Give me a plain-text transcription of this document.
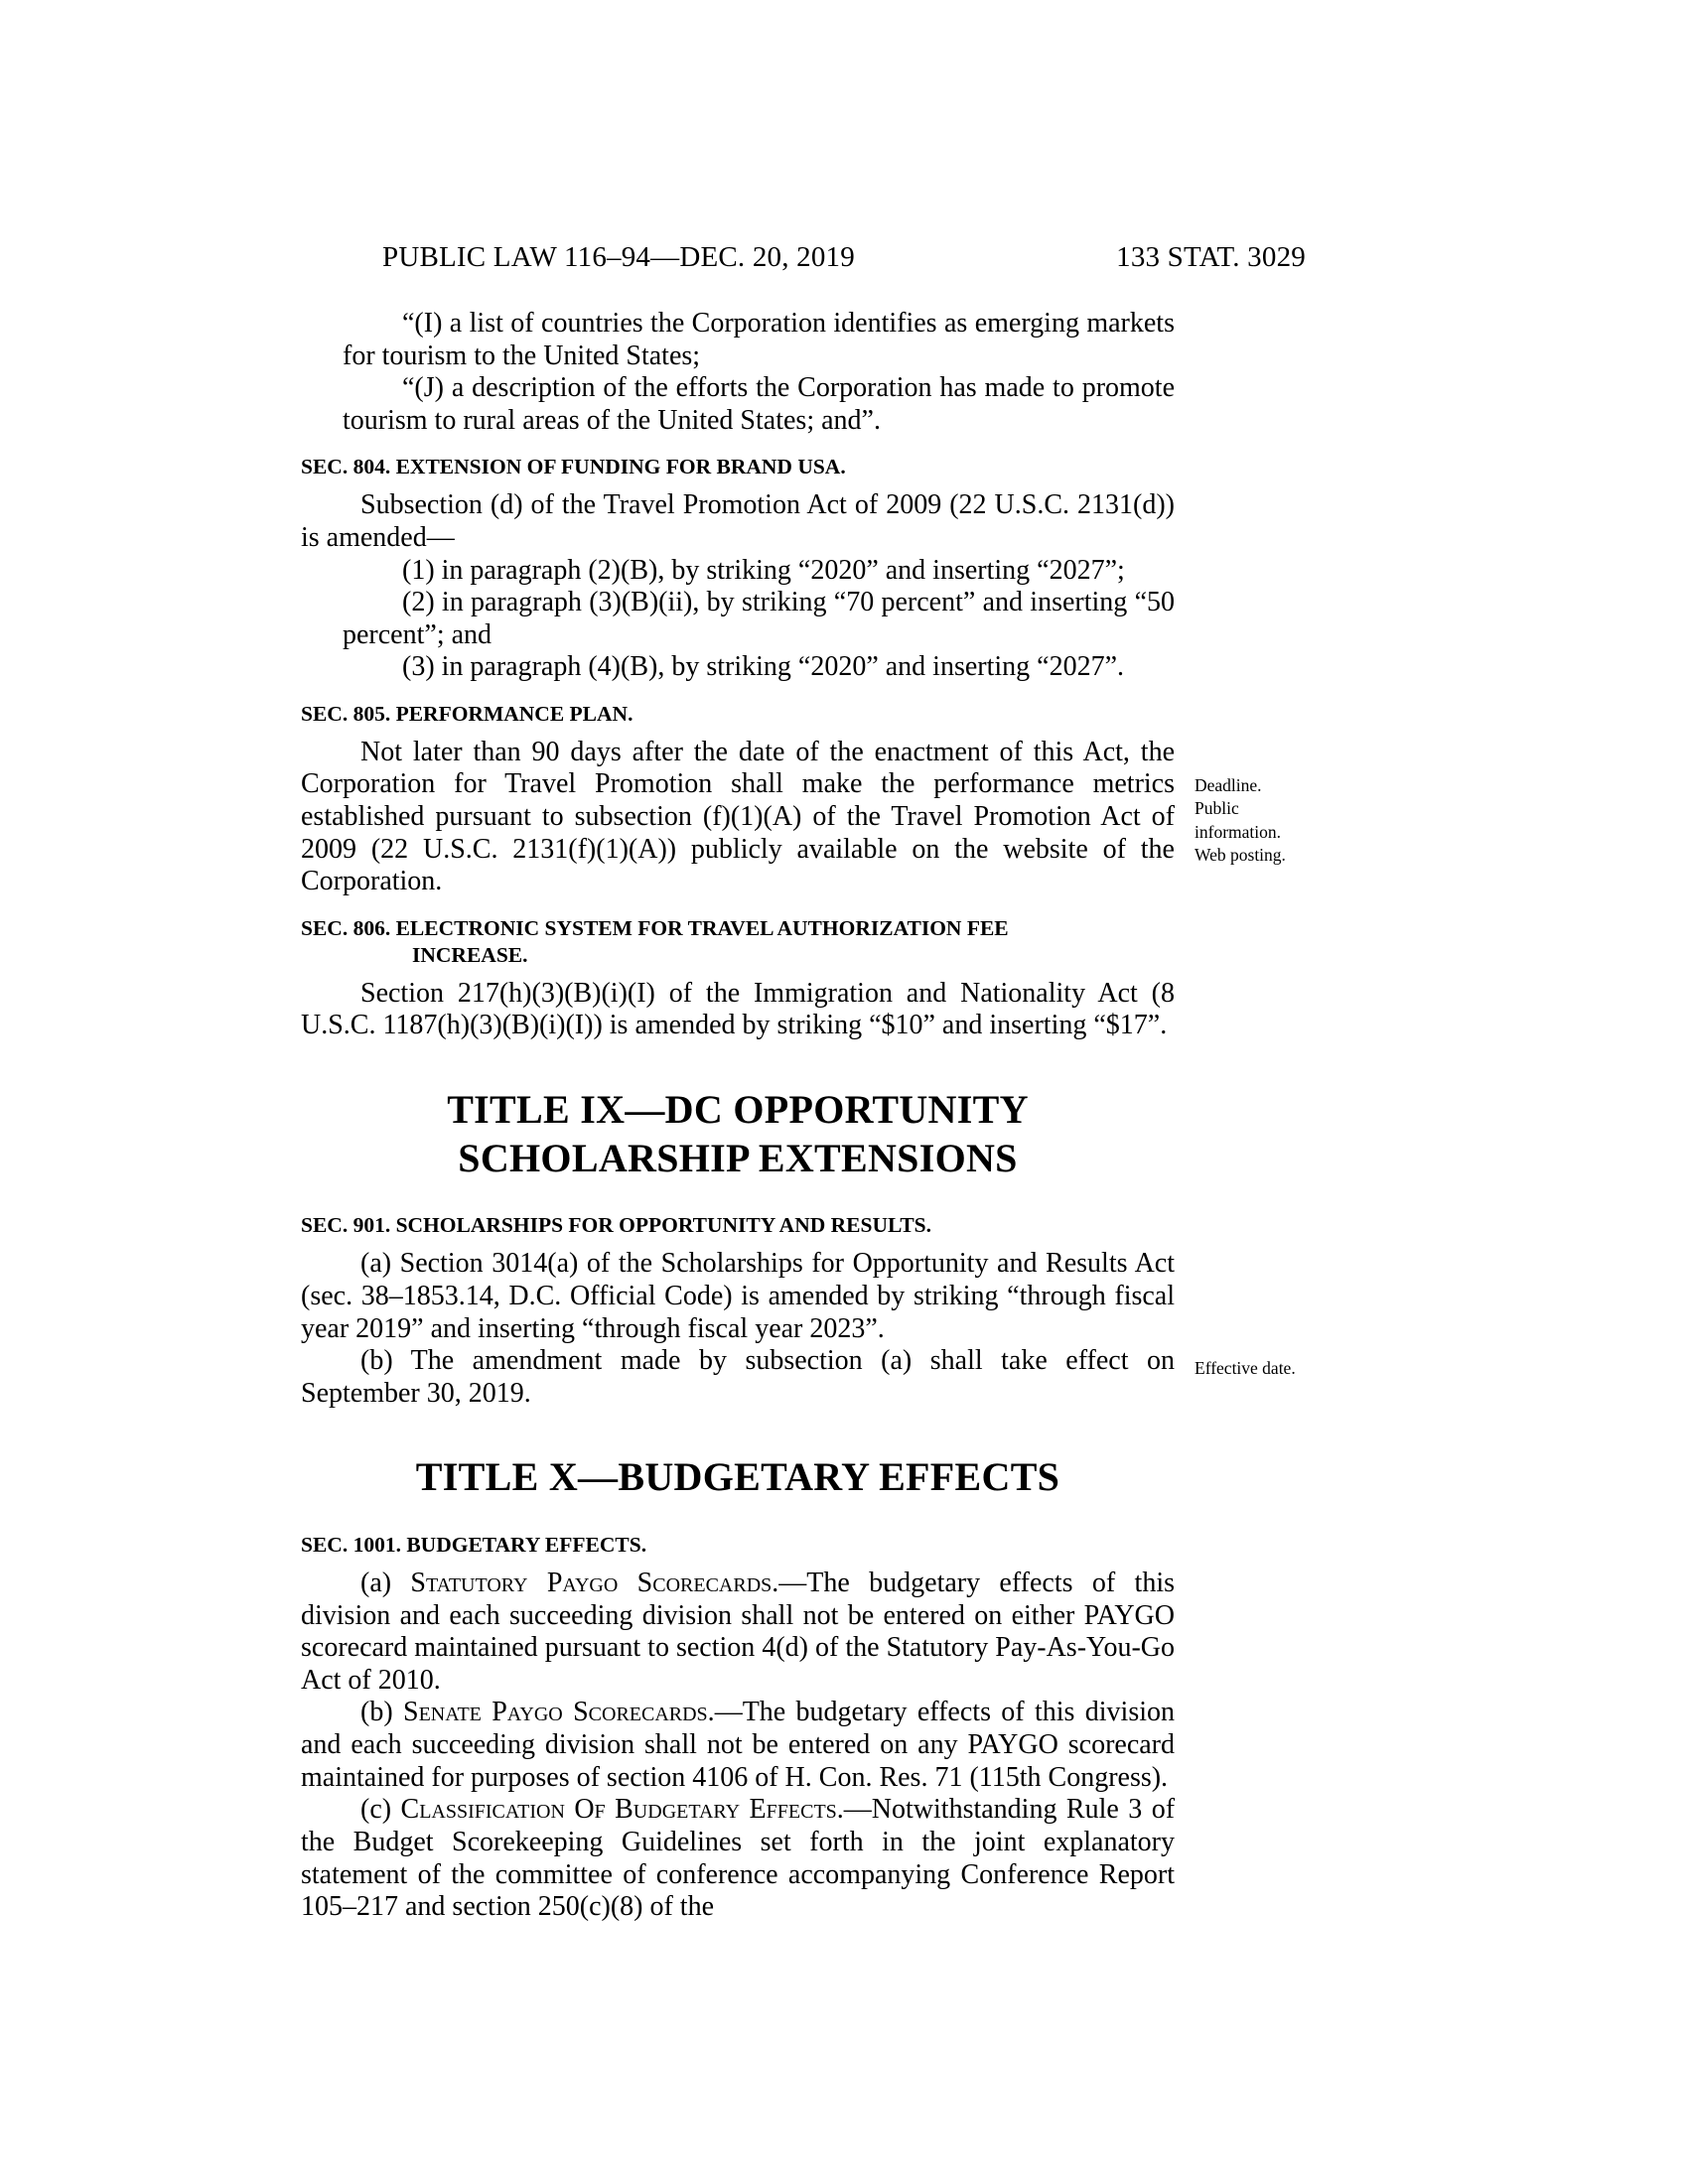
PUBLIC LAW 116–94—DEC. 20, 2019	133 STAT. 3029

“(I) a list of countries the Corporation identifies as emerging markets for tourism to the United States;

“(J) a description of the efforts the Corporation has made to promote tourism to rural areas of the United States; and”.

SEC. 804. EXTENSION OF FUNDING FOR BRAND USA.

Subsection (d) of the Travel Promotion Act of 2009 (22 U.S.C. 2131(d)) is amended—

(1) in paragraph (2)(B), by striking “2020” and inserting “2027”;

(2) in paragraph (3)(B)(ii), by striking “70 percent” and inserting “50 percent”; and

(3) in paragraph (4)(B), by striking “2020” and inserting “2027”.

SEC. 805. PERFORMANCE PLAN.

Not later than 90 days after the date of the enactment of this Act, the Corporation for Travel Promotion shall make the performance metrics established pursuant to subsection (f)(1)(A) of the Travel Promotion Act of 2009 (22 U.S.C. 2131(f)(1)(A)) publicly available on the website of the Corporation.

SEC. 806. ELECTRONIC SYSTEM FOR TRAVEL AUTHORIZATION FEE
INCREASE.

Section 217(h)(3)(B)(i)(I) of the Immigration and Nationality Act (8 U.S.C. 1187(h)(3)(B)(i)(I)) is amended by striking “$10” and inserting “$17”.

TITLE IX—DC OPPORTUNITY
SCHOLARSHIP EXTENSIONS
SEC. 901. SCHOLARSHIPS FOR OPPORTUNITY AND RESULTS.

(a) Section 3014(a) of the Scholarships for Opportunity and Results Act (sec. 38–1853.14, D.C. Official Code) is amended by striking “through fiscal year 2019” and inserting “through fiscal year 2023”.

(b) The amendment made by subsection (a) shall take effect on September 30, 2019.

TITLE X—BUDGETARY EFFECTS
SEC. 1001. BUDGETARY EFFECTS.

(a) Statutory Paygo Scorecards.—The budgetary effects of this division and each succeeding division shall not be entered on either PAYGO scorecard maintained pursuant to section 4(d) of the Statutory Pay-As-You-Go Act of 2010.

(b) Senate Paygo Scorecards.—The budgetary effects of this division and each succeeding division shall not be entered on any PAYGO scorecard maintained for purposes of section 4106 of H. Con. Res. 71 (115th Congress).

(c) Classification Of Budgetary Effects.—Notwithstanding Rule 3 of the Budget Scorekeeping Guidelines set forth in the joint explanatory statement of the committee of conference accompanying Conference Report 105–217 and section 250(c)(8) of the

Deadline.
Public
information.
Web posting.
Effective date.
